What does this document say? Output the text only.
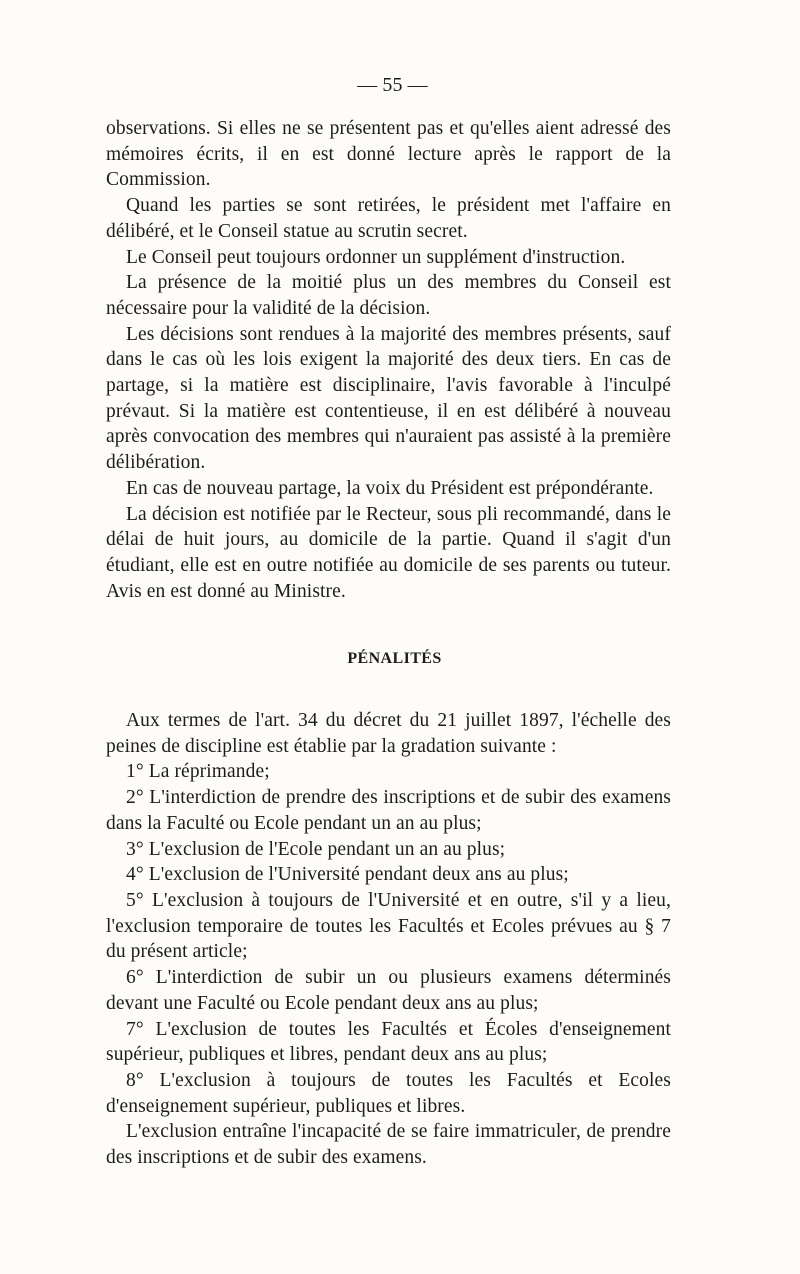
— 55 —

observations. Si elles ne se présentent pas et qu'elles aient adressé des mémoires écrits, il en est donné lecture après le rapport de la Commission.

Quand les parties se sont retirées, le président met l'affaire en délibéré, et le Conseil statue au scrutin secret.

Le Conseil peut toujours ordonner un supplément d'instruction.

La présence de la moitié plus un des membres du Conseil est nécessaire pour la validité de la décision.

Les décisions sont rendues à la majorité des membres présents, sauf dans le cas où les lois exigent la majorité des deux tiers. En cas de partage, si la matière est disciplinaire, l'avis favorable à l'inculpé prévaut. Si la matière est contentieuse, il en est délibéré à nouveau après convocation des membres qui n'auraient pas assisté à la première délibération.

En cas de nouveau partage, la voix du Président est prépondérante.

La décision est notifiée par le Recteur, sous pli recommandé, dans le délai de huit jours, au domicile de la partie. Quand il s'agit d'un étudiant, elle est en outre notifiée au domicile de ses parents ou tuteur. Avis en est donné au Ministre.

PÉNALITÉS

Aux termes de l'art. 34 du décret du 21 juillet 1897, l'échelle des peines de discipline est établie par la gradation suivante :

1° La réprimande;

2° L'interdiction de prendre des inscriptions et de subir des examens dans la Faculté ou Ecole pendant un an au plus;

3° L'exclusion de l'Ecole pendant un an au plus;

4° L'exclusion de l'Université pendant deux ans au plus;

5° L'exclusion à toujours de l'Université et en outre, s'il y a lieu, l'exclusion temporaire de toutes les Facultés et Ecoles prévues au § 7 du présent article;

6° L'interdiction de subir un ou plusieurs examens déterminés devant une Faculté ou Ecole pendant deux ans au plus;

7° L'exclusion de toutes les Facultés et Écoles d'enseignement supérieur, publiques et libres, pendant deux ans au plus;

8° L'exclusion à toujours de toutes les Facultés et Ecoles d'enseignement supérieur, publiques et libres.

L'exclusion entraîne l'incapacité de se faire immatriculer, de prendre des inscriptions et de subir des examens.
